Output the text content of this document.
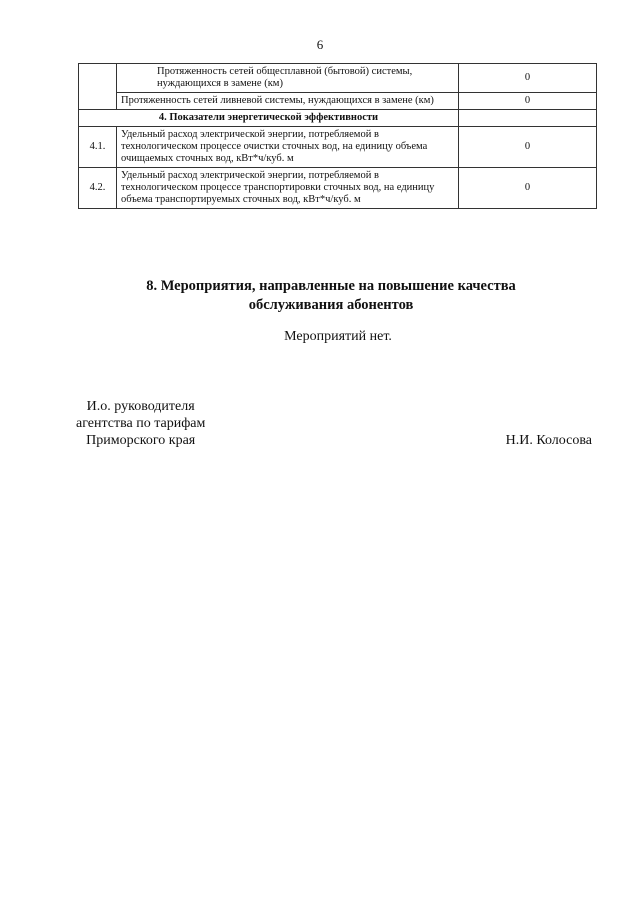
6
	Протяженность сетей общесплавной (бытовой) системы, нуждающихся в замене (км)	0
	Протяженность сетей ливневой системы, нуждающихся в замене (км)	0
4. Показатели энергетической эффективности		
4.1.	Удельный расход электрической энергии, потребляемой в технологическом процессе очистки сточных вод, на единицу объема очищаемых сточных вод, кВт*ч/куб. м	0
4.2.	Удельный расход электрической энергии, потребляемой в технологическом процессе транспортировки сточных вод, на единицу объема транспортируемых сточных вод, кВт*ч/куб. м	0
8. Мероприятия, направленные на повышение качества
обслуживания абонентов
Мероприятий нет.
И.о. руководителя
агентства по тарифам
Приморского края	Н.И. Колосова
